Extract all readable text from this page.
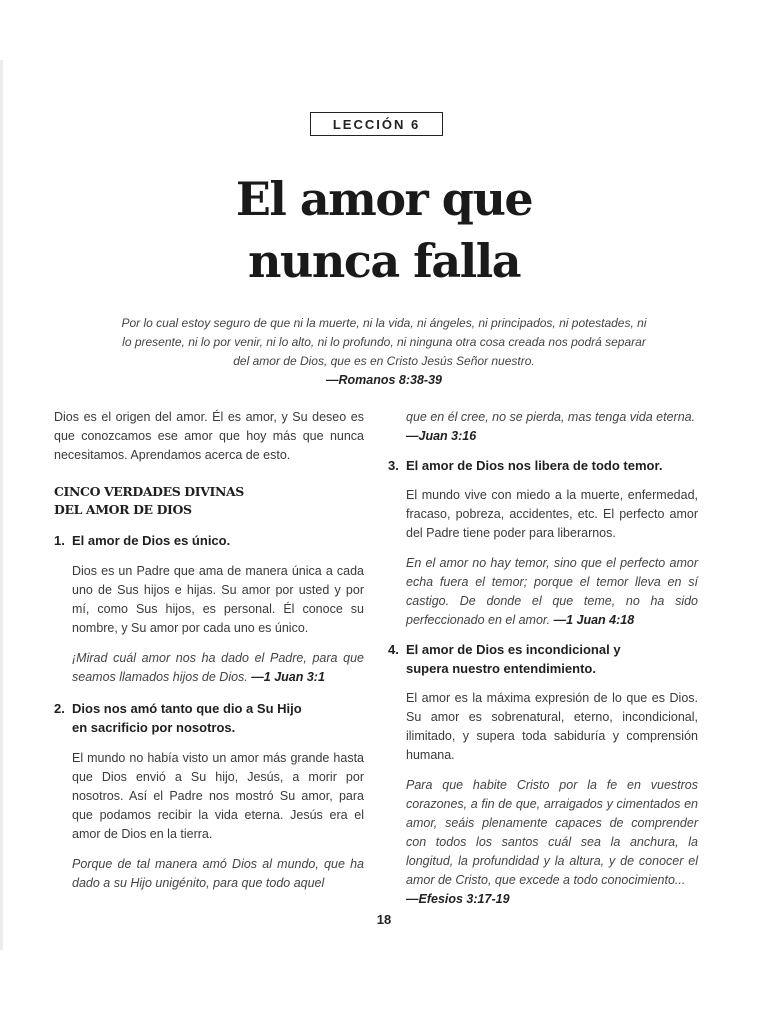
LECCIÓN 6
El amor que
nunca falla
Por lo cual estoy seguro de que ni la muerte, ni la vida, ni ángeles, ni principados, ni potestades, ni lo presente, ni lo por venir, ni lo alto, ni lo profundo, ni ninguna otra cosa creada nos podrá separar del amor de Dios, que es en Cristo Jesús Señor nuestro.
—Romanos 8:38-39

Dios es el origen del amor. Él es amor, y Su deseo es que conozcamos ese amor que hoy más que nunca necesitamos. Aprendamos acerca de esto.

CINCO VERDADES DIVINAS
DEL AMOR DE DIOS
1. El amor de Dios es único.

Dios es un Padre que ama de manera única a cada uno de Sus hijos e hijas. Su amor por usted y por mí, como Sus hijos, es personal. Él conoce su nombre, y Su amor por cada uno es único.

¡Mirad cuál amor nos ha dado el Padre, para que seamos llamados hijos de Dios. —1 Juan 3:1

2. Dios nos amó tanto que dio a Su Hijo
en sacrificio por nosotros.

El mundo no había visto un amor más grande hasta que Dios envió a Su hijo, Jesús, a morir por nosotros. Así el Padre nos mostró Su amor, para que podamos recibir la vida eterna. Jesús era el amor de Dios en la tierra.

Porque de tal manera amó Dios al mundo, que ha dado a su Hijo unigénito, para que todo aquel

que en él cree, no se pierda, mas tenga vida eterna.
—Juan 3:16

3. El amor de Dios nos libera de todo temor.

El mundo vive con miedo a la muerte, enfermedad, fracaso, pobreza, accidentes, etc. El perfecto amor del Padre tiene poder para liberarnos.

En el amor no hay temor, sino que el perfecto amor echa fuera el temor; porque el temor lleva en sí castigo. De donde el que teme, no ha sido perfeccionado en el amor. —1 Juan 4:18

4. El amor de Dios es incondicional y
supera nuestro entendimiento.

El amor es la máxima expresión de lo que es Dios. Su amor es sobrenatural, eterno, incondicional, ilimitado, y supera toda sabiduría y comprensión humana.

Para que habite Cristo por la fe en vuestros corazones, a fin de que, arraigados y cimentados en amor, seáis plenamente capaces de comprender con todos los santos cuál sea la anchura, la longitud, la profundidad y la altura, y de conocer el amor de Cristo, que excede a todo conocimiento...
—Efesios 3:17-19

18
